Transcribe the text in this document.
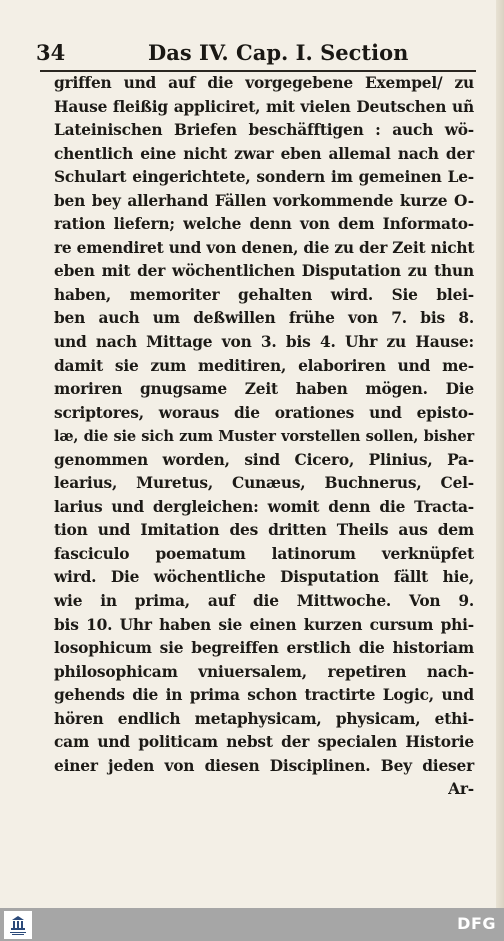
34	Das IV. Cap. I. Section
griffen und auf die vorgegebene Exempel/ zu
Hause fleißig appliciret, mit vielen Deutschen uñ
Lateinischen Briefen beschäfftigen : auch wö-
chentlich eine nicht zwar eben allemal nach der
Schulart eingerichtete, sondern im gemeinen Le-
ben bey allerhand Fällen vorkommende kurze O-
ration liefern; welche denn von dem Informato-
re emendiret und von denen, die zu der Zeit nicht
eben mit der wöchentlichen Disputation zu thun
haben, memoriter gehalten wird. Sie blei-
ben auch um deßwillen frühe von 7. bis 8.
und nach Mittage von 3. bis 4. Uhr zu Hause:
damit sie zum meditiren, elaboriren und me-
moriren gnugsame Zeit haben mögen. Die
scriptores, woraus die orationes und episto-
læ, die sie sich zum Muster vorstellen sollen, bisher
genommen worden, sind Cicero, Plinius, Pa-
learius, Muretus, Cunæus, Buchnerus, Cel-
larius und dergleichen: womit denn die Tracta-
tion und Imitation des dritten Theils aus dem
fasciculo poematum latinorum verknüpfet
wird. Die wöchentliche Disputation fällt hie,
wie in prima, auf die Mittwoche. Von 9.
bis 10. Uhr haben sie einen kurzen cursum phi-
losophicum sie begreiffen erstlich die historiam
philosophicam vniuersalem, repetiren nach-
gehends die in prima schon tractirte Logic, und
hören endlich metaphysicam, physicam, ethi-
cam und politicam nebst der specialen Historie
einer jeden von diesen Disciplinen. Bey dieser
Ar-
DFG
